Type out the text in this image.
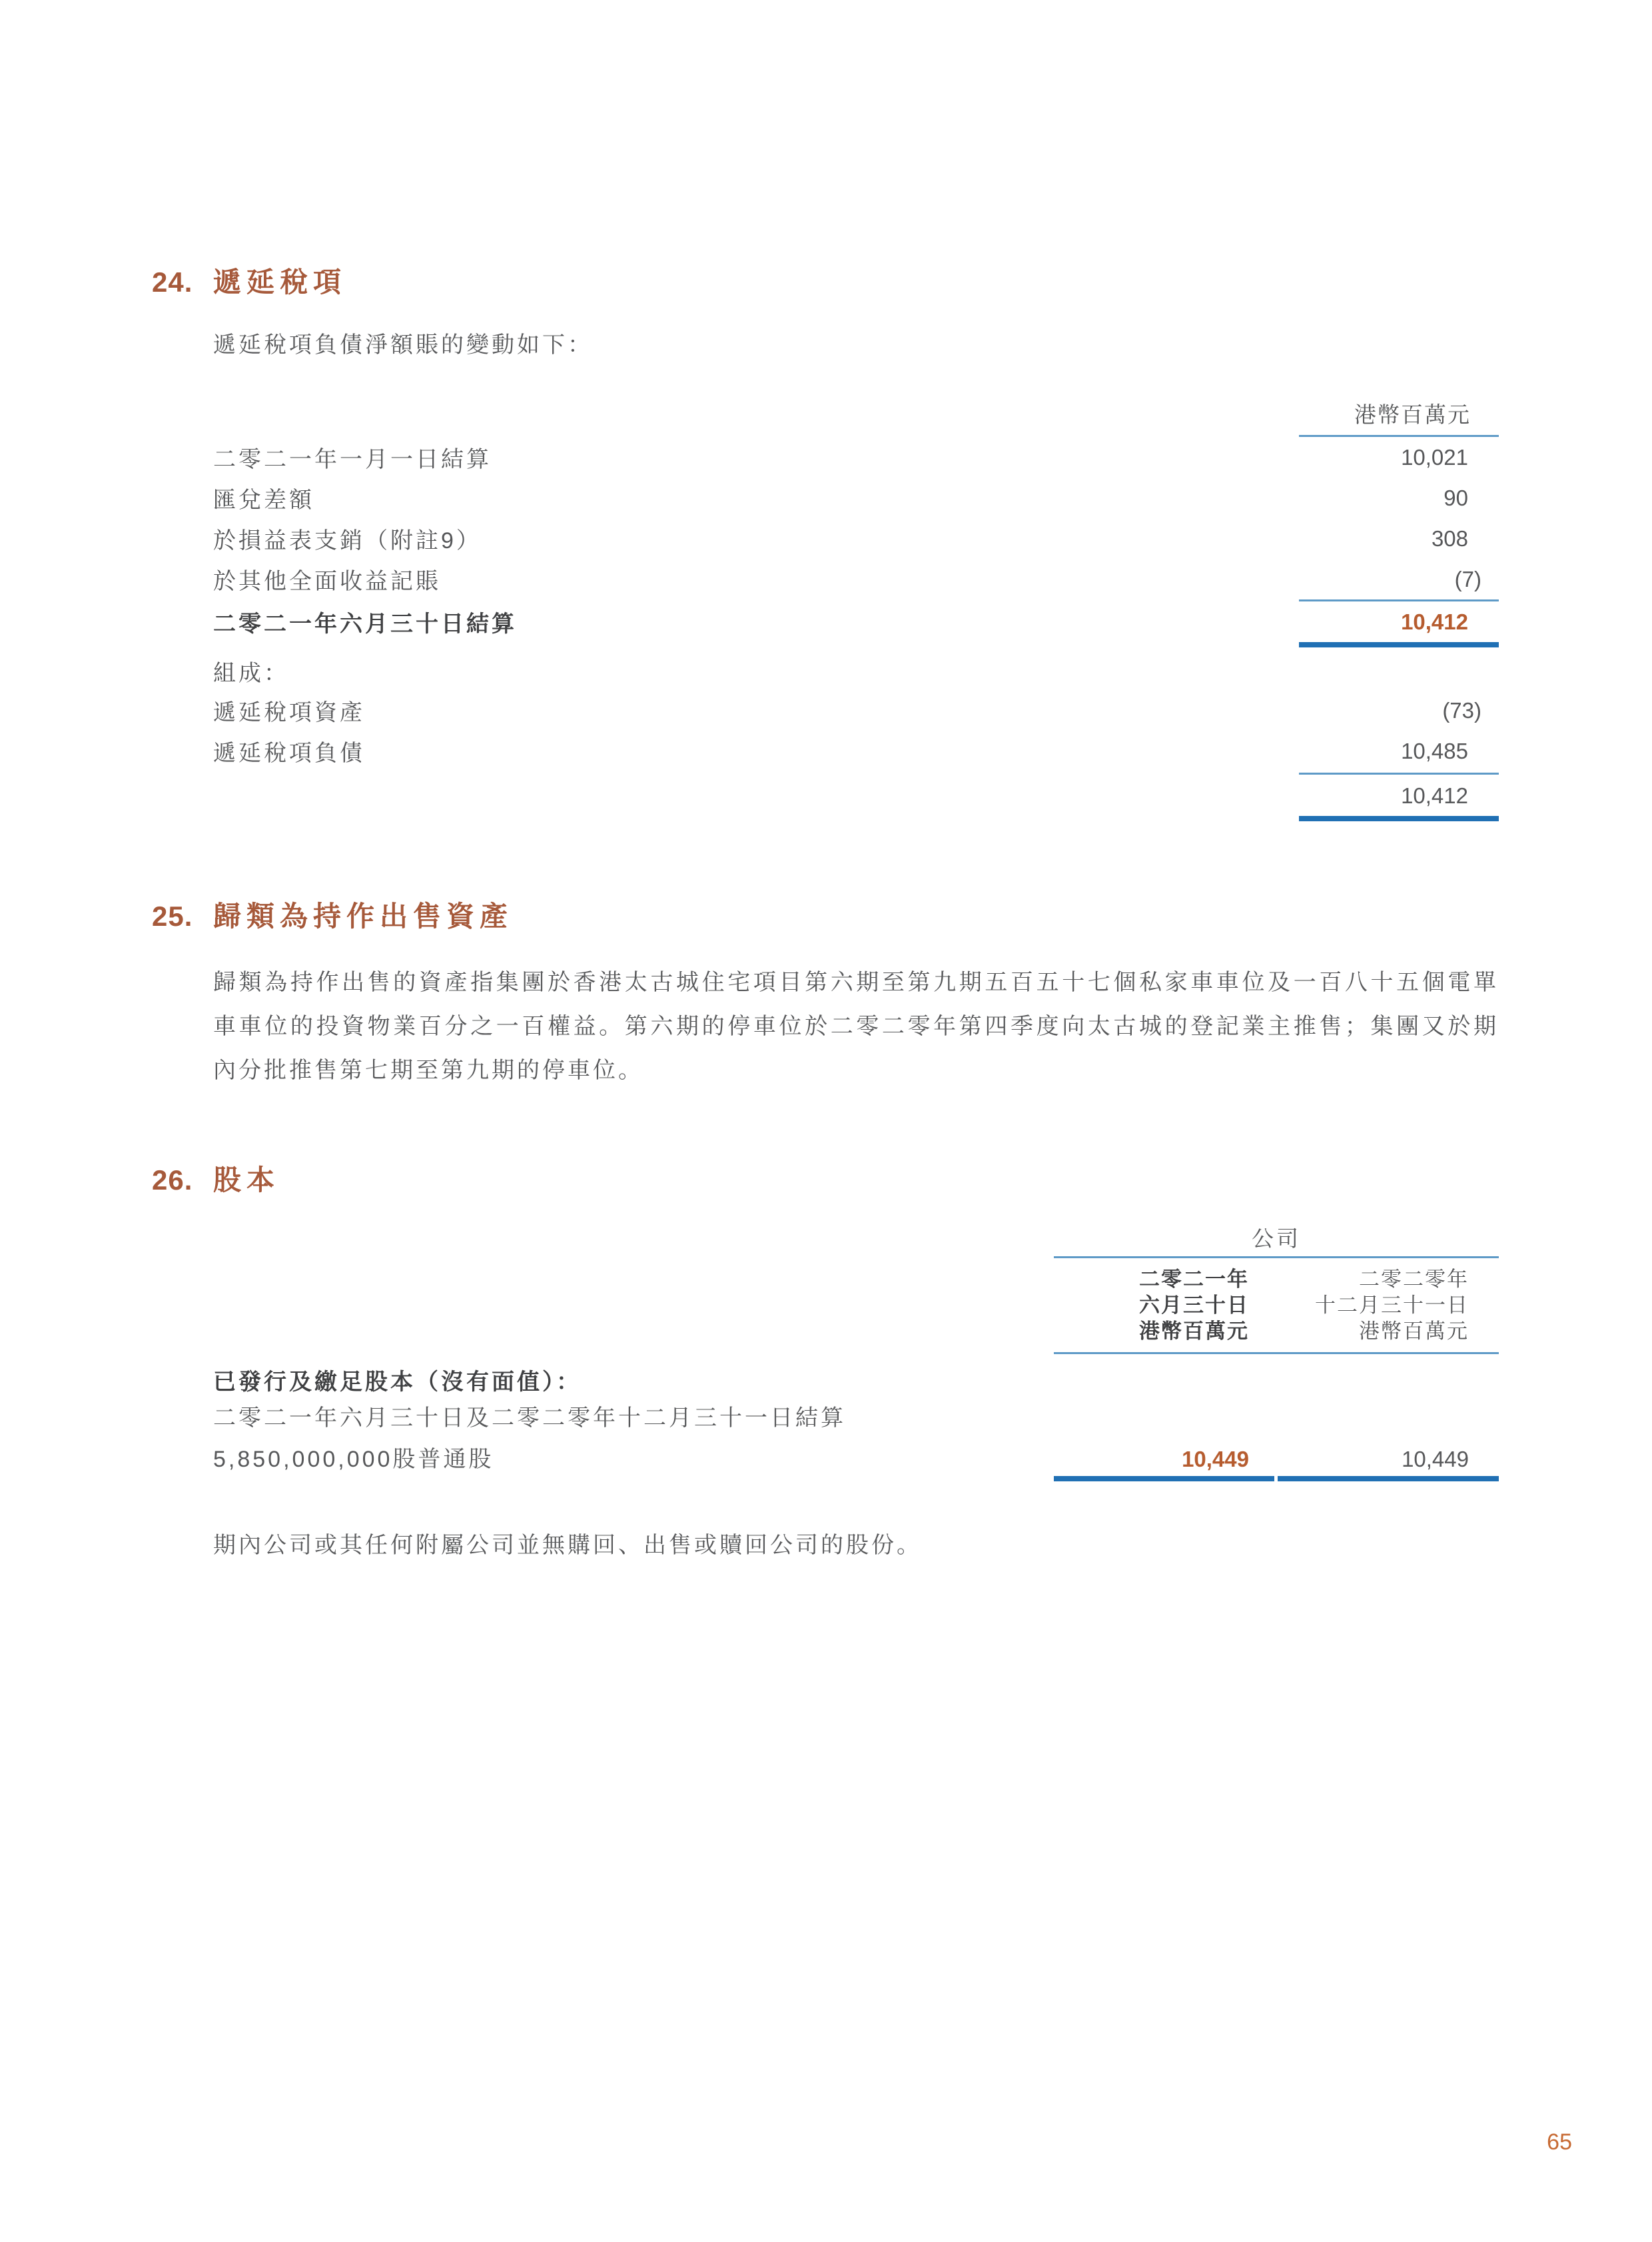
24. 遞延稅項

遞延稅項負債淨額賬的變動如下：

港幣百萬元
二零二一年一月一日結算	10,021
匯兌差額	90
於損益表支銷（附註9）	308
於其他全面收益記賬	(7)
二零二一年六月三十日結算	10,412
組成：
遞延稅項資產	(73)
遞延稅項負債	10,485
10,412
25. 歸類為持作出售資產

歸類為持作出售的資產指集團於香港太古城住宅項目第六期至第九期五百五十七個私家車車位及一百八十五個電單車車位的投資物業百分之一百權益。第六期的停車位於二零二零年第四季度向太古城的登記業主推售；集團又於期內分批推售第七期至第九期的停車位。

26. 股本
公司
二零二一年
六月三十日
港幣百萬元
二零二零年
十二月三十一日
港幣百萬元
已發行及繳足股本（沒有面值）：
二零二一年六月三十日及二零二零年十二月三十一日結算
5,850,000,000股普通股	10,449	10,449

期內公司或其任何附屬公司並無購回、出售或贖回公司的股份。

65
